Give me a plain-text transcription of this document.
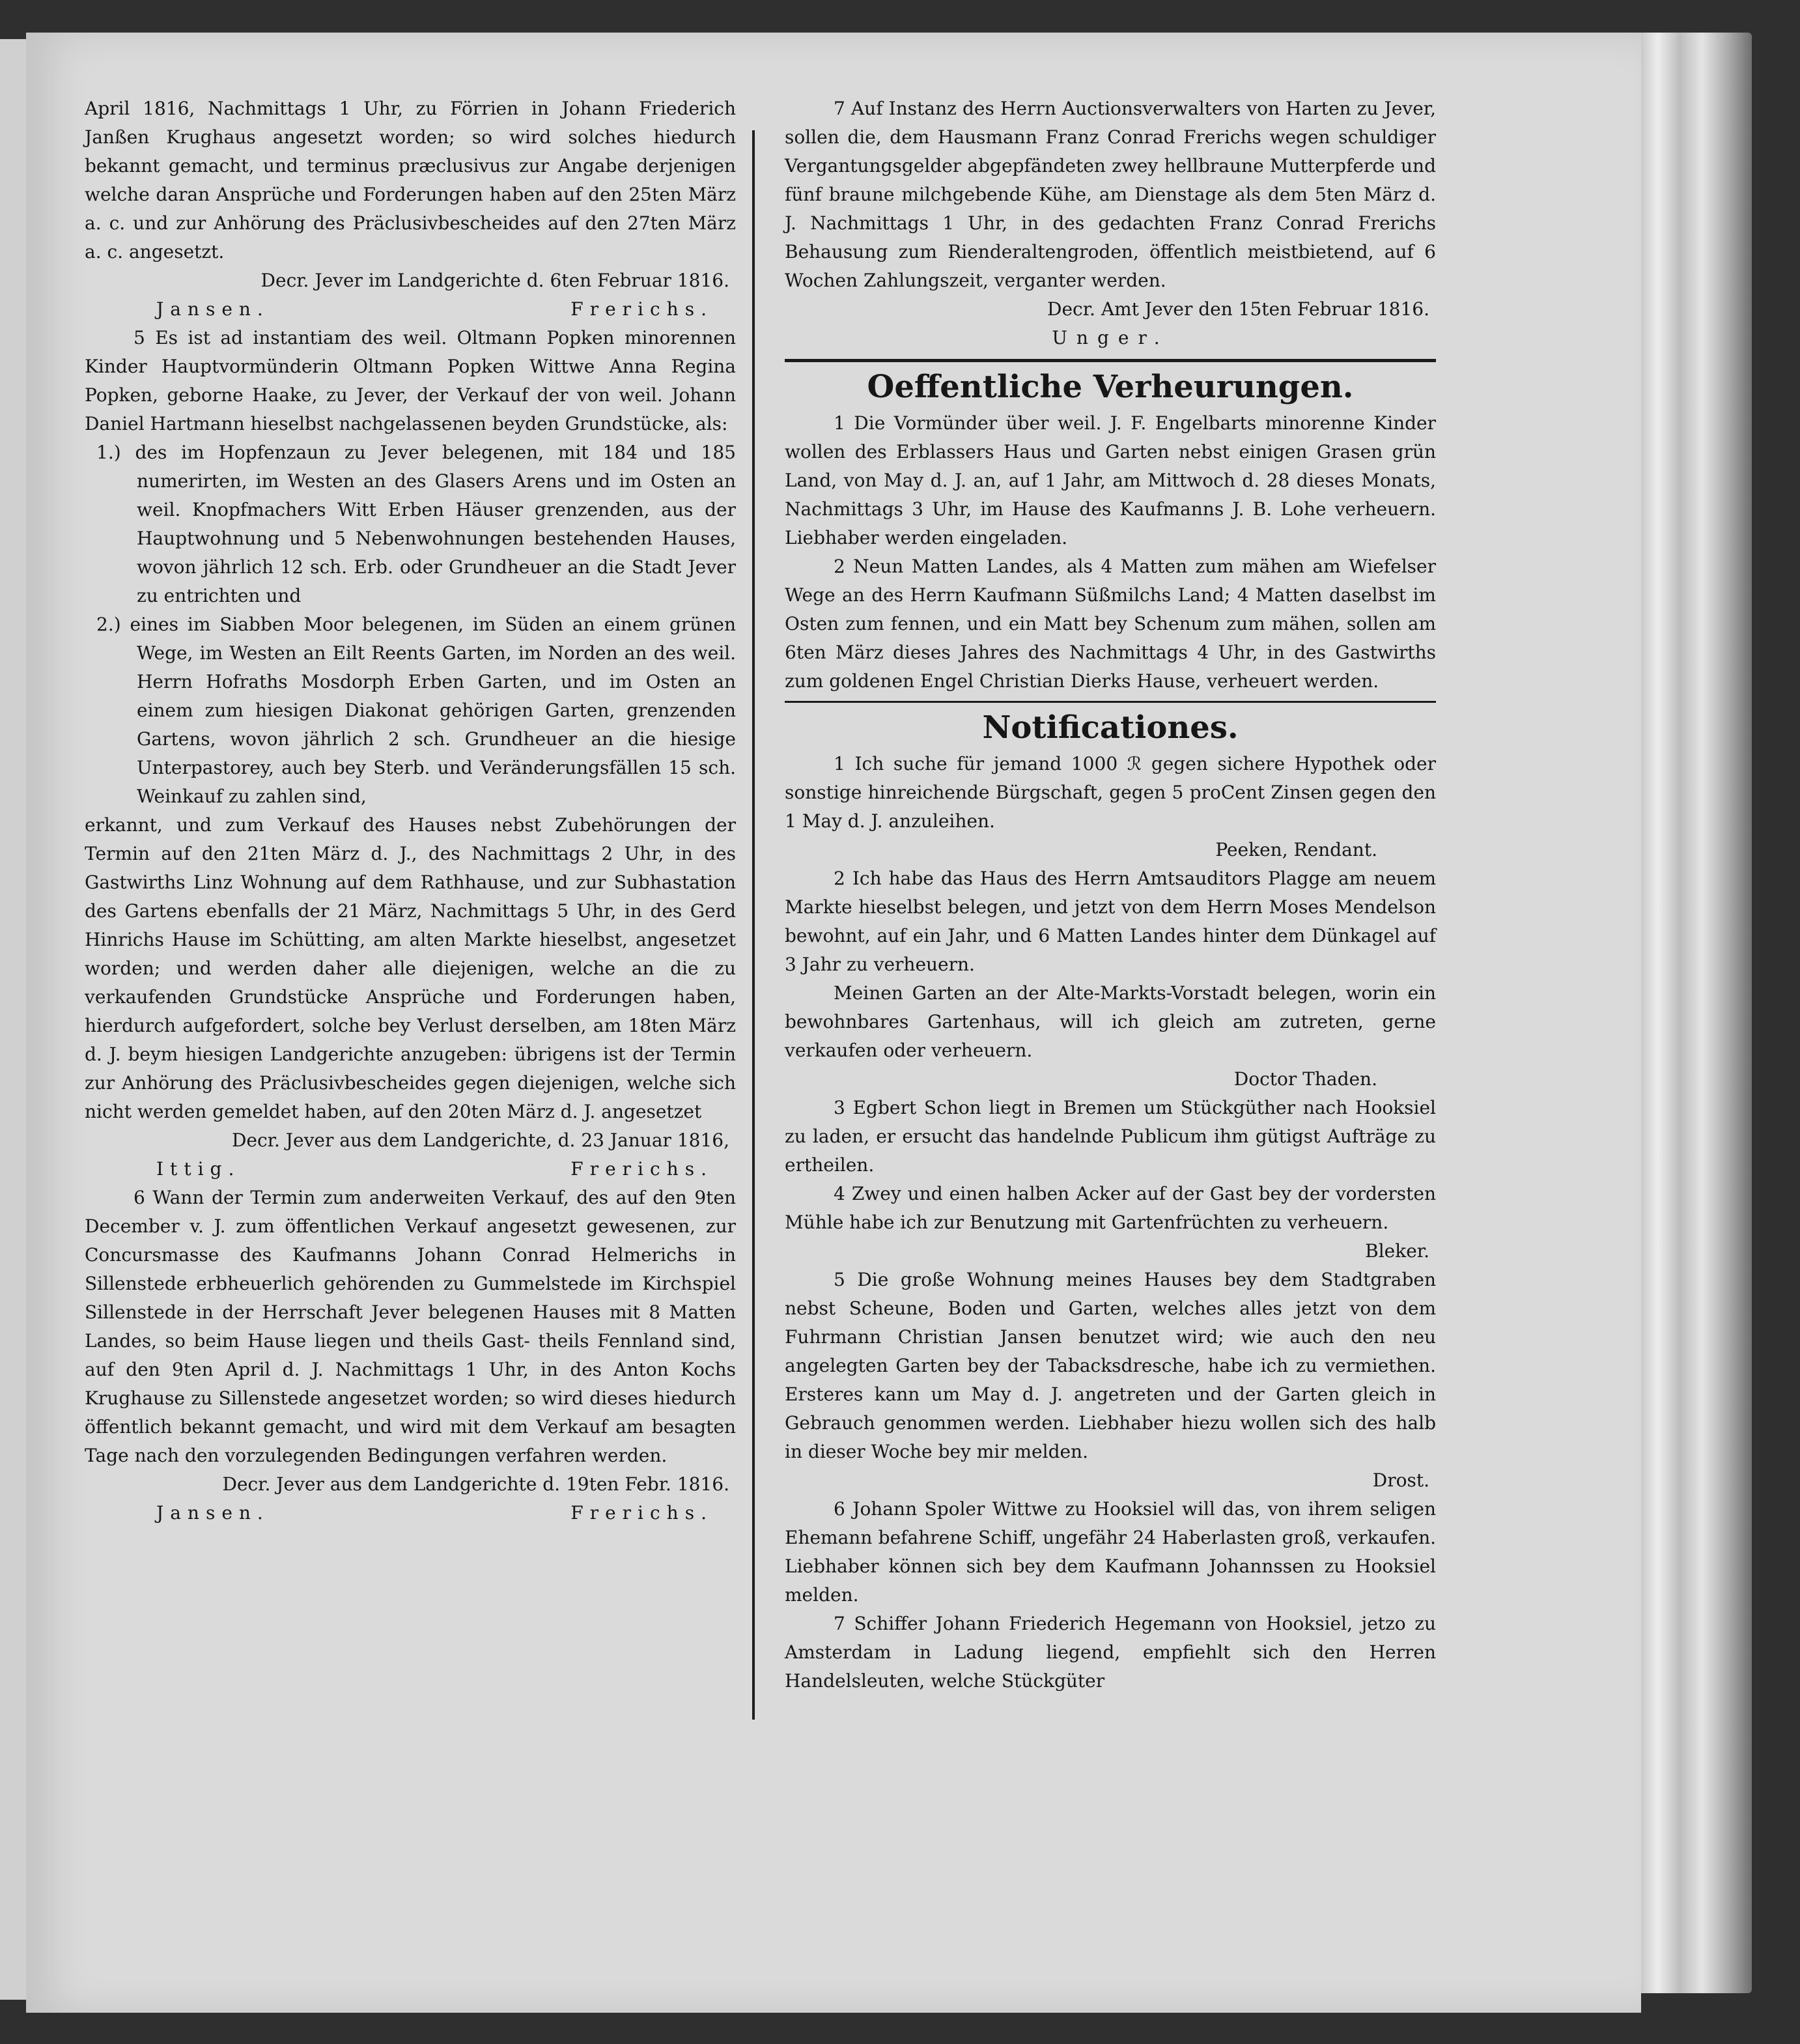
April 1816, Nachmittags 1 Uhr, zu Förrien in Johann Friederich Janßen Krughaus angesetzt worden; so wird solches hiedurch bekannt gemacht, und terminus præclusivus zur Angabe derjenigen welche daran Ansprüche und Forderungen haben auf den 25ten März a. c. und zur Anhörung des Präclusivbescheides auf den 27ten März a. c. angesetzt.

Decr. Jever im Landgerichte d. 6ten Februar 1816.

Jansen.	Frerichs.

5 Es ist ad instantiam des weil. Oltmann Popken minorennen Kinder Hauptvormünderin Oltmann Popken Wittwe Anna Regina Popken, geborne Haake, zu Jever, der Verkauf der von weil. Johann Daniel Hartmann hieselbst nachgelassenen beyden Grundstücke, als:

1.) des im Hopfenzaun zu Jever belegenen, mit 184 und 185 numerirten, im Westen an des Glasers Arens und im Osten an weil. Knopfmachers Witt Erben Häuser grenzenden, aus der Hauptwohnung und 5 Nebenwohnungen bestehenden Hauses, wovon jährlich 12 sch. Erb. oder Grundheuer an die Stadt Jever zu entrichten und

2.) eines im Siabben Moor belegenen, im Süden an einem grünen Wege, im Westen an Eilt Reents Garten, im Norden an des weil. Herrn Hofraths Mosdorph Erben Garten, und im Osten an einem zum hiesigen Diakonat gehörigen Garten, grenzenden Gartens, wovon jährlich 2 sch. Grundheuer an die hiesige Unterpastorey, auch bey Sterb. und Veränderungsfällen 15 sch. Weinkauf zu zahlen sind,

erkannt, und zum Verkauf des Hauses nebst Zubehörungen der Termin auf den 21ten März d. J., des Nachmittags 2 Uhr, in des Gastwirths Linz Wohnung auf dem Rathhause, und zur Subhastation des Gartens ebenfalls der 21 März, Nachmittags 5 Uhr, in des Gerd Hinrichs Hause im Schütting, am alten Markte hieselbst, angesetzet worden; und werden daher alle diejenigen, welche an die zu verkaufenden Grundstücke Ansprüche und Forderungen haben, hierdurch aufgefordert, solche bey Verlust derselben, am 18ten März d. J. beym hiesigen Landgerichte anzugeben: übrigens ist der Termin zur Anhörung des Präclusivbescheides gegen diejenigen, welche sich nicht werden gemeldet haben, auf den 20ten März d. J. angesetzet

Decr. Jever aus dem Landgerichte, d. 23 Januar 1816,

Ittig.	Frerichs.

6 Wann der Termin zum anderweiten Verkauf, des auf den 9ten December v. J. zum öffentlichen Verkauf angesetzt gewesenen, zur Concursmasse des Kaufmanns Johann Conrad Helmerichs in Sillenstede erbheuerlich gehörenden zu Gummelstede im Kirchspiel Sillenstede in der Herrschaft Jever belegenen Hauses mit 8 Matten Landes, so beim Hause liegen und theils Gast- theils Fennland sind, auf den 9ten April d. J. Nachmittags 1 Uhr, in des Anton Kochs Krughause zu Sillenstede angesetzet worden; so wird dieses hiedurch öffentlich bekannt gemacht, und wird mit dem Verkauf am besagten Tage nach den vorzulegenden Bedingungen verfahren werden.

Decr. Jever aus dem Landgerichte d. 19ten Febr. 1816.

Jansen.	Frerichs.

7 Auf Instanz des Herrn Auctionsverwalters von Harten zu Jever, sollen die, dem Hausmann Franz Conrad Frerichs wegen schuldiger Vergantungsgelder abgepfändeten zwey hellbraune Mutterpferde und fünf braune milchgebende Kühe, am Dienstage als dem 5ten März d. J. Nachmittags 1 Uhr, in des gedachten Franz Conrad Frerichs Behausung zum Rienderaltengroden, öffentlich meistbietend, auf 6 Wochen Zahlungszeit, verganter werden.

Decr. Amt Jever den 15ten Februar 1816.

Unger.
Oeffentliche Verheurungen.

1 Die Vormünder über weil. J. F. Engelbarts minorenne Kinder wollen des Erblassers Haus und Garten nebst einigen Grasen grün Land, von May d. J. an, auf 1 Jahr, am Mittwoch d. 28 dieses Monats, Nachmittags 3 Uhr, im Hause des Kaufmanns J. B. Lohe verheuern. Liebhaber werden eingeladen.

2 Neun Matten Landes, als 4 Matten zum mähen am Wiefelser Wege an des Herrn Kaufmann Süßmilchs Land; 4 Matten daselbst im Osten zum fennen, und ein Matt bey Schenum zum mähen, sollen am 6ten März dieses Jahres des Nachmittags 4 Uhr, in des Gastwirths zum goldenen Engel Christian Dierks Hause, verheuert werden.

Notificationes.

1 Ich suche für jemand 1000 ℛ gegen sichere Hypothek oder sonstige hinreichende Bürgschaft, gegen 5 proCent Zinsen gegen den 1 May d. J. anzuleihen.

Peeken, Rendant.

2 Ich habe das Haus des Herrn Amtsauditors Plagge am neuem Markte hieselbst belegen, und jetzt von dem Herrn Moses Mendelson bewohnt, auf ein Jahr, und 6 Matten Landes hinter dem Dünkagel auf 3 Jahr zu verheuern.

Meinen Garten an der Alte-Markts-Vorstadt belegen, worin ein bewohnbares Gartenhaus, will ich gleich am zutreten, gerne verkaufen oder verheuern.

Doctor Thaden.

3 Egbert Schon liegt in Bremen um Stückgüther nach Hooksiel zu laden, er ersucht das handelnde Publicum ihm gütigst Aufträge zu ertheilen.

4 Zwey und einen halben Acker auf der Gast bey der vordersten Mühle habe ich zur Benutzung mit Gartenfrüchten zu verheuern.

Bleker.

5 Die große Wohnung meines Hauses bey dem Stadtgraben nebst Scheune, Boden und Garten, welches alles jetzt von dem Fuhrmann Christian Jansen benutzet wird; wie auch den neu angelegten Garten bey der Tabacksdresche, habe ich zu vermiethen. Ersteres kann um May d. J. angetreten und der Garten gleich in Gebrauch genommen werden. Liebhaber hiezu wollen sich des halb in dieser Woche bey mir melden.

Drost.

6 Johann Spoler Wittwe zu Hooksiel will das, von ihrem seligen Ehemann befahrene Schiff, ungefähr 24 Haberlasten groß, verkaufen. Liebhaber können sich bey dem Kaufmann Johannssen zu Hooksiel melden.

7 Schiffer Johann Friederich Hegemann von Hooksiel, jetzo zu Amsterdam in Ladung liegend, empfiehlt sich den Herren Handelsleuten, welche Stückgüter
